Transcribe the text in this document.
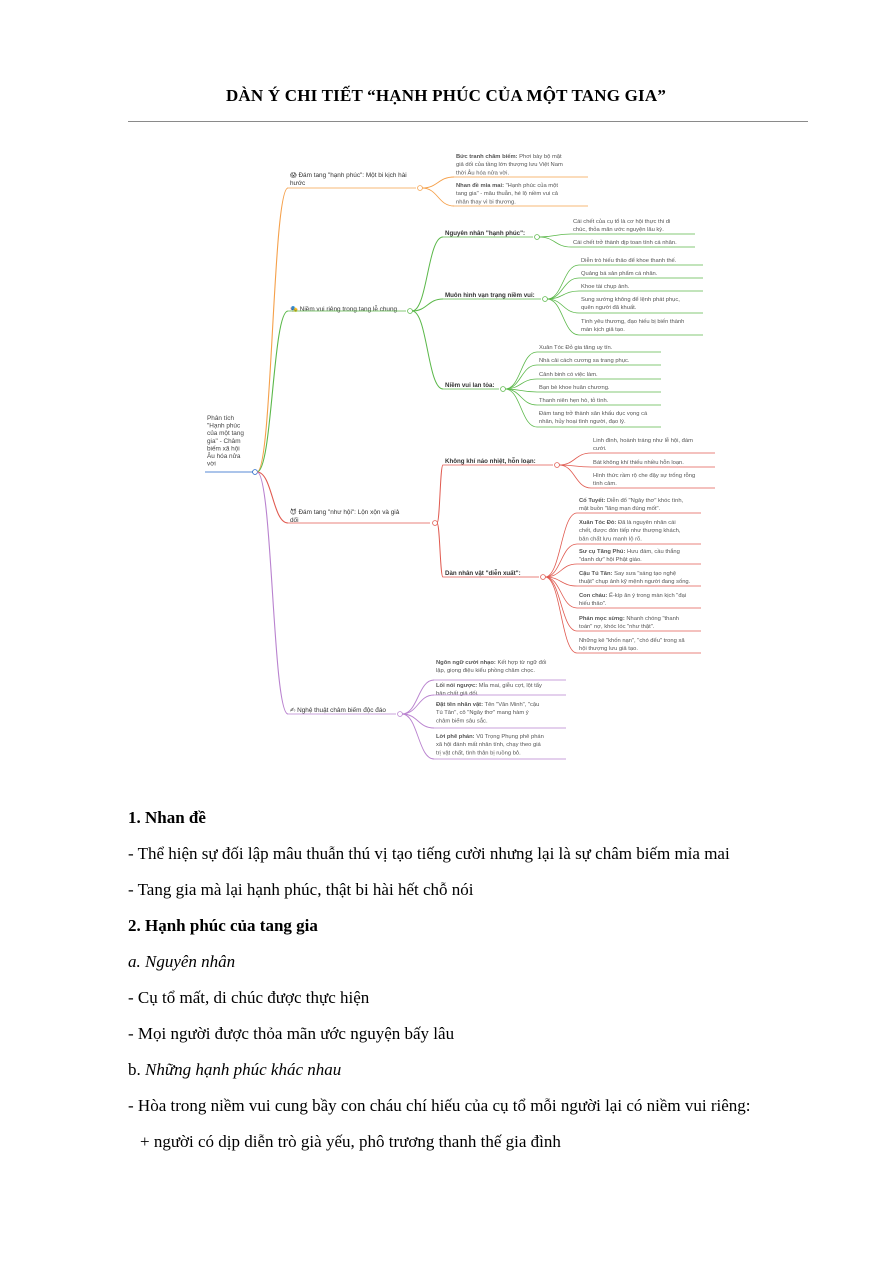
DÀN Ý CHI TIẾT “HẠNH PHÚC CỦA MỘT TANG GIA”
Phân tích "Hạnh phúc của một tang gia" - Châm biếm xã hội Âu hóa nửa vời
😱 Đám tang "hạnh phúc": Một bi kịch hài hước
Bức tranh châm biếm: Phơi bày bộ mặt giả dối của tầng lớn thượng lưu Việt Nam thời Âu hóa nửa vời.
Nhan đề mỉa mai: "Hạnh phúc của một tang gia" - mâu thuẫn, hé lộ niềm vui cả nhân thay vì bi thương.
🎭 Niềm vui riêng trong tang lễ chung
Nguyên nhân "hạnh phúc":
Cái chết của cụ tổ là cơ hội thực thi di chúc, thỏa mãn ước nguyện lâu kỳ.
Cái chết trở thành dịp toan tính cá nhân.
Muôn hình vạn trạng niềm vui:
Diễn trò hiếu thảo để khoe thanh thế.
Quảng bá sản phẩm cá nhân.
Khoe tài chụp ảnh.
Sung sướng không để lệnh phát phục, quên người đã khuất.
Tình yêu thương, đạo hiếu bị biến thành màn kịch giả tạo.
Niềm vui lan tỏa:
Xuân Tóc Đỏ gia tăng uy tín.
Nhà cải cách cương sa trang phục.
Cảnh binh có việc làm.
Bạn bè khoe huân chương.
Thanh niên hẹn hò, tỏ tình.
Đám tang trở thành sân khấu dục vọng cá nhân, hủy hoại tình người, đạo lý.
😈 Đám tang "như hội": Lộn xộn và giả dối
Không khí náo nhiệt, hỗn loạn:
Linh đình, hoành tráng như lễ hội, đám cưới.
Bát không khí thiếu nhiều hỗn loạn.
Hình thức rầm rộ che đậy sự trống rỗng tình cảm.
Dàn nhân vật "diễn xuất":
Cố Tuyết: Diễn đổ "Ngây thơ" khóc tình, mặt buồn "lãng mạn đúng mốt".
Xuân Tóc Đỏ: Đã là nguyên nhân cái chết, được đón tiếp như thượng khách, bản chất lưu manh lộ rõ.
Sư cụ Tăng Phú: Hưu đám, cầu thắng "danh dự" hội Phật giáo.
Cậu Tú Tân: Say sưa "sáng tạo nghệ thuật" chụp ảnh kỹ mệnh người đang sống.
Con cháu: Ế-kíp ăn ý trong màn kịch "đại hiếu thảo".
Phán mọc sừng: Nhanh chóng "thanh toán" nợ, khóc lóc "như thật".
Những kẻ "khốn nạn", "chó đểu" trong xã hội thượng lưu giả tạo.
✍ Nghệ thuật châm biếm độc đáo
Ngôn ngữ cười nhạo: Kết hợp từ ngữ đối lập, giọng điệu kiểu phồng châm chọc.
Lối nói ngược: Mỉa mai, giễu cợt, lột tẩy bản chất giả dối.
Đặt tên nhân vật: Tên "Văn Minh", "cậu Tú Tân", cô "Ngây thơ" mang hàm ý châm biếm sâu sắc.
Lời phê phán: Vũ Trọng Phụng phê phán xã hội đánh mất nhân tính, chạy theo giá trị vật chất, tình thân bị ruồng bỏ.

1. Nhan đề

- Thể hiện sự đối lập mâu thuẫn thú vị tạo tiếng cười nhưng lại là sự châm biếm mỉa mai

- Tang gia mà lại hạnh phúc, thật bi hài hết chỗ nói

2. Hạnh phúc của tang gia

a. Nguyên nhân

- Cụ tổ mất, di chúc được thực hiện

- Mọi người được thỏa mãn ước nguyện bấy lâu

b. Những hạnh phúc khác nhau

- Hòa trong niềm vui cung bầy con cháu chí hiếu của cụ tổ mỗi người lại có niềm vui riêng:

+ người có dịp diễn trò già yếu, phô trương thanh thế gia đình
